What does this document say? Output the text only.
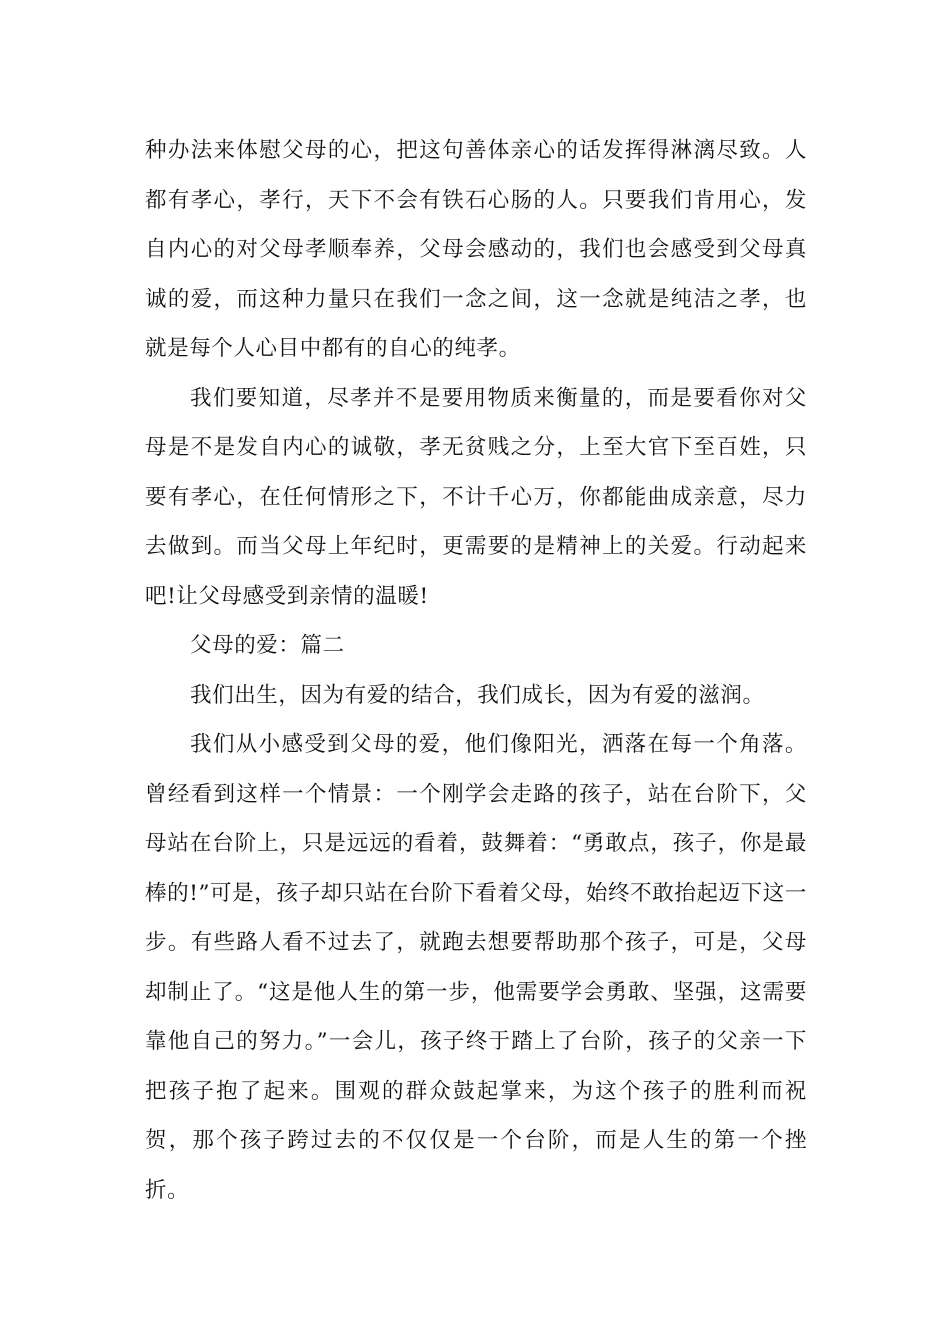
种办法来体慰父母的心，把这句善体亲心的话发挥得淋漓尽致。人都有孝心，孝行，天下不会有铁石心肠的人。只要我们肯用心，发自内心的对父母孝顺奉养，父母会感动的，我们也会感受到父母真诚的爱，而这种力量只在我们一念之间，这一念就是纯洁之孝，也就是每个人心目中都有的自心的纯孝。

我们要知道，尽孝并不是要用物质来衡量的，而是要看你对父母是不是发自内心的诚敬，孝无贫贱之分，上至大官下至百姓，只要有孝心，在任何情形之下，不计千心万，你都能曲成亲意，尽力去做到。而当父母上年纪时，更需要的是精神上的关爱。行动起来吧!让父母感受到亲情的温暖!

父母的爱：篇二

我们出生，因为有爱的结合，我们成长，因为有爱的滋润。

我们从小感受到父母的爱，他们像阳光，洒落在每一个角落。曾经看到这样一个情景：一个刚学会走路的孩子，站在台阶下，父母站在台阶上，只是远远的看着，鼓舞着：“勇敢点，孩子，你是最棒的!”可是，孩子却只站在台阶下看着父母，始终不敢抬起迈下这一步。有些路人看不过去了，就跑去想要帮助那个孩子，可是，父母却制止了。“这是他人生的第一步，他需要学会勇敢、坚强，这需要靠他自己的努力。”一会儿，孩子终于踏上了台阶，孩子的父亲一下把孩子抱了起来。围观的群众鼓起掌来，为这个孩子的胜利而祝贺，那个孩子跨过去的不仅仅是一个台阶，而是人生的第一个挫折。
